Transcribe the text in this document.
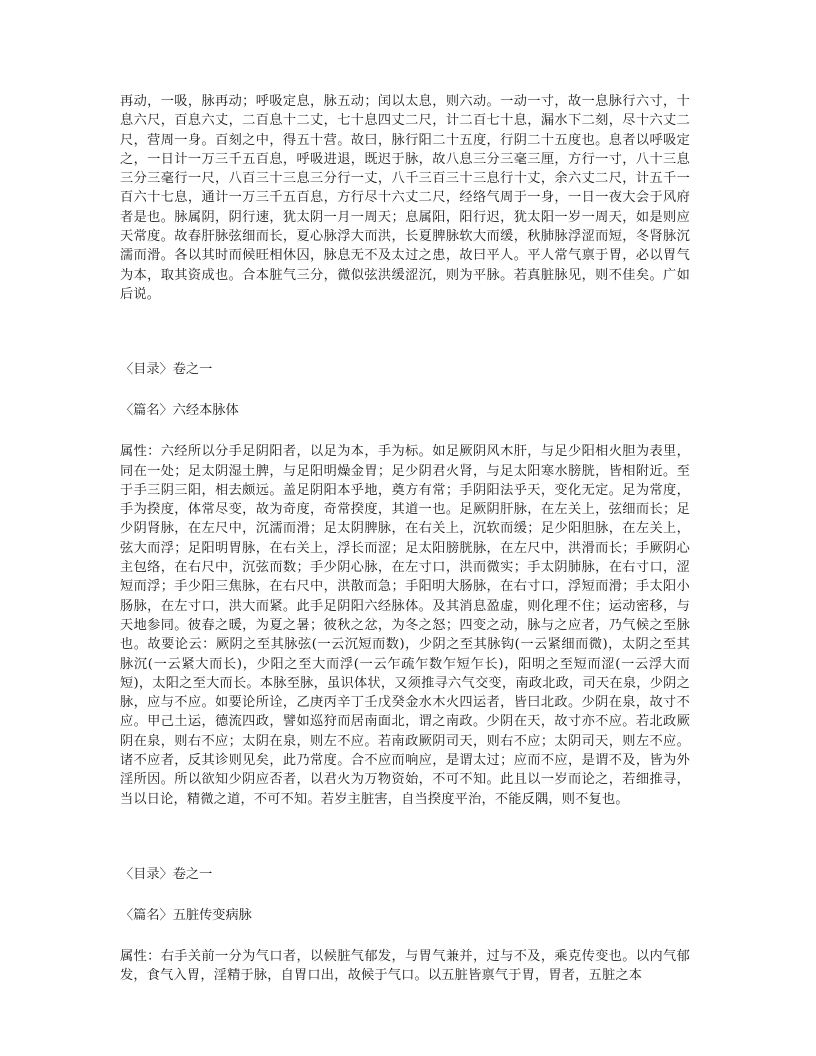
再动，一吸，脉再动；呼吸定息，脉五动；闰以太息，则六动。一动一寸，故一息脉行六寸，十息六尺，百息六丈，二百息十二丈，七十息四丈二尺，计二百七十息，漏水下二刻，尽十六丈二尺，营周一身。百刻之中，得五十营。故曰，脉行阳二十五度，行阴二十五度也。息者以呼吸定之，一日计一万三千五百息，呼吸进退，既迟于脉，故八息三分三毫三厘，方行一寸，八十三息三分三毫行一尺，八百三十三息三分行一丈，八千三百三十三息行十丈，余六丈二尺，计五千一百六十七息，通计一万三千五百息，方行尽十六丈二尺，经络气周于一身，一日一夜大会于风府者是也。脉属阴，阴行速，犹太阴一月一周天；息属阳，阳行迟，犹太阳一岁一周天，如是则应天常度。故春肝脉弦细而长，夏心脉浮大而洪，长夏脾脉软大而缓，秋肺脉浮涩而短，冬肾脉沉濡而滑。各以其时而候旺相休囚，脉息无不及太过之患，故曰平人。平人常气禀于胃，必以胃气为本，取其资成也。合本脏气三分，微似弦洪缓涩沉，则为平脉。若真脏脉见，则不佳矣。广如后说。

〈目录〉卷之一

〈篇名〉六经本脉体

属性：六经所以分手足阴阳者，以足为本，手为标。如足厥阴风木肝，与足少阳相火胆为表里，同在一处；足太阴湿土脾，与足阳明燥金胃；足少阴君火肾，与足太阳寒水膀胱，皆相附近。至于手三阴三阳，相去颇远。盖足阴阳本乎地，奠方有常；手阴阳法乎天，变化无定。足为常度，手为揆度，体常尽变，故为奇度，奇常揆度，其道一也。足厥阴肝脉，在左关上，弦细而长；足少阴肾脉，在左尺中，沉濡而滑；足太阴脾脉，在右关上，沉软而缓；足少阳胆脉，在左关上，弦大而浮；足阳明胃脉，在右关上，浮长而涩；足太阳膀胱脉，在左尺中，洪滑而长；手厥阴心主包络，在右尺中，沉弦而数；手少阴心脉，在左寸口，洪而微实；手太阴肺脉，在右寸口，涩短而浮；手少阳三焦脉，在右尺中，洪散而急；手阳明大肠脉，在右寸口，浮短而滑；手太阳小肠脉，在左寸口，洪大而紧。此手足阴阳六经脉体。及其消息盈虚，则化理不住；运动密移，与天地参同。彼春之暖，为夏之暑；彼秋之忿，为冬之怒；四变之动，脉与之应者，乃气候之至脉也。故要论云：厥阴之至其脉弦(一云沉短而数)，少阴之至其脉钩(一云紧细而微)，太阴之至其脉沉(一云紧大而长)，少阳之至大而浮(一云乍疏乍数乍短乍长)，阳明之至短而涩(一云浮大而短)，太阳之至大而长。本脉至脉，虽识体状，又须推寻六气交变，南政北政，司天在泉，少阴之脉，应与不应。如要论所诠，乙庚丙辛丁壬戊癸金水木火四运者，皆曰北政。少阴在泉，故寸不应。甲己土运，德流四政，譬如巡狩而居南面北，谓之南政。少阴在天，故寸亦不应。若北政厥阴在泉，则右不应；太阴在泉，则左不应。若南政厥阴司天，则右不应；太阴司天，则左不应。诸不应者，反其诊则见矣，此乃常度。合不应而响应，是谓太过；应而不应，是谓不及，皆为外淫所因。所以欲知少阴应否者，以君火为万物资始，不可不知。此且以一岁而论之，若细推寻，当以日论，精微之道，不可不知。若岁主脏害，自当揆度平治，不能反隅，则不复也。

〈目录〉卷之一

〈篇名〉五脏传变病脉

属性：右手关前一分为气口者，以候脏气郁发，与胃气兼并，过与不及，乘克传变也。以内气郁发，食气入胃，淫精于脉，自胃口出，故候于气口。以五脏皆禀气于胃，胃者，五脏之本
